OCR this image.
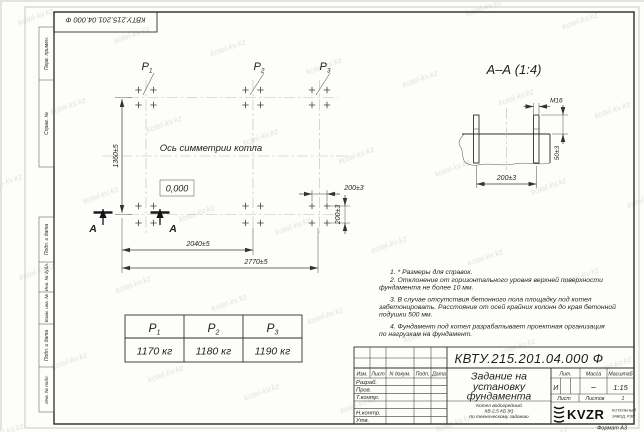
Перв. примен.
Справ. №
Подп. и дата
Инв. № дубл.
Взам. инв. №
Подп. и дата
Инв. № подл.
КВТУ.215.201.04.000 Ф
$Р_1$	$Р_2$	$Р_3$
Ось симметрии котла
0,000
1360±5
2040±5
2770±5
200±3
200±3
А	А
А–А (1:4)
М16
50±3
200±3
$Р_1$	$Р_2$	$Р_3$
1170 кг 1180 кг 1190 кг
1. * Размеры для справок.
2. Отклонение от горизонтального уровня верхней поверхности
фундамента не более 10 мм.
3. В случае отсутствия бетонного пола площадку под котел
забетонировать. Расстояние от осей крайних колонн до края бетонной
подушки 500 мм.
4. Фундамент под котел разрабатывает проектная организация
по нагрузкам на фундамент.
КВТУ.215.201.04.000 Ф
Изм. Лист N докум. Подп. Дата
Разраб.
Пров.
Т.контр.
Н.контр.
Утв.
Задание на
установку
фундамента
Котел водогрейный
КВ-2,5 КБ (К)
по техническому заданию
Лит.	Масса Масштаб
И	– 1:15
Лист	Листов	1
KVZR КОТЕЛЬНЫЙ
ЗАВОД, РЭП
Формат А3
